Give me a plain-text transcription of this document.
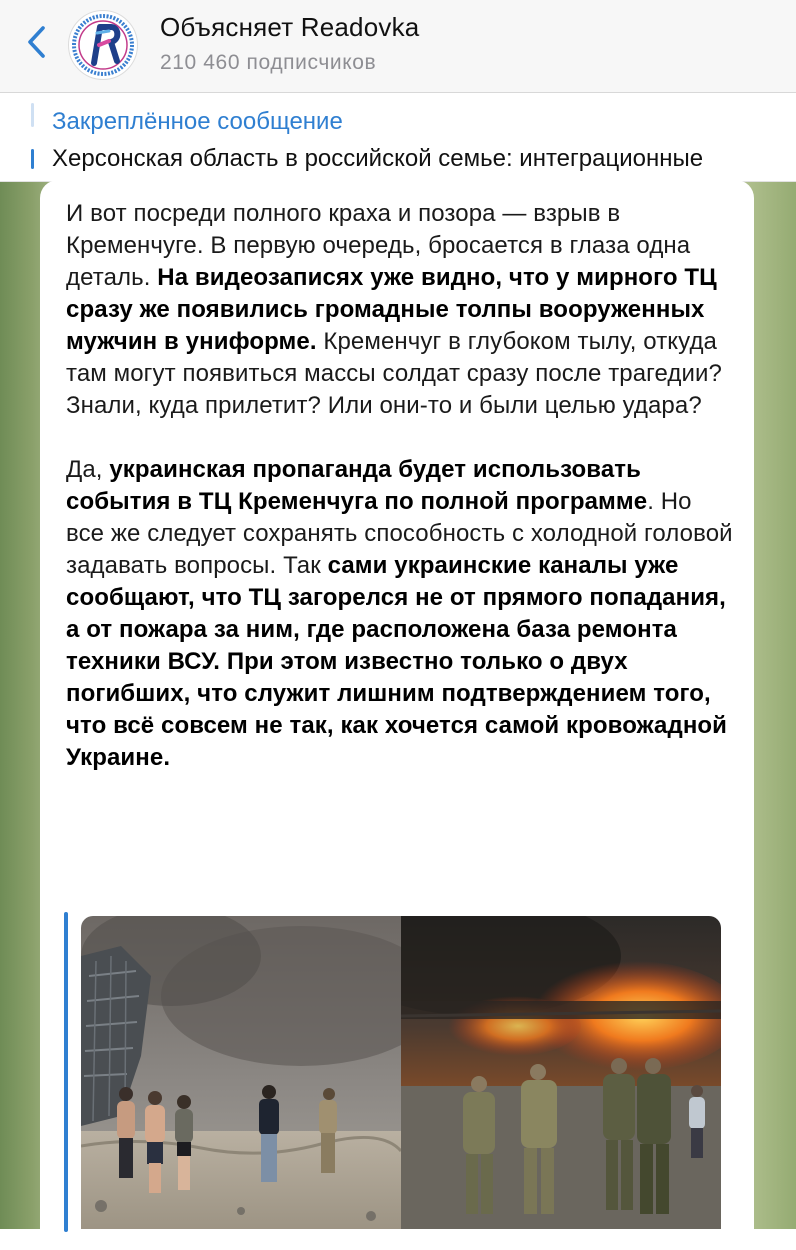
Объясняет Readovka
210 460 подписчиков
Закреплённое сообщение
Херсонская область в российской семье: интеграционные

И вот посреди полного краха и позора — взрыв в Кременчуге. В первую очередь, бросается в глаза одна деталь. На видеозаписях уже видно, что у мирного ТЦ сразу же появились громадные толпы вооруженных мужчин в униформе. Кременчуг в глубоком тылу, откуда там могут появиться массы солдат сразу после трагедии? Знали, куда прилетит? Или они-то и были целью удара?

Да, украинская пропаганда будет использовать события в ТЦ Кременчуга по полной программе. Но все же следует сохранять способность с холодной головой задавать вопросы. Так сами украинские каналы уже сообщают, что ТЦ загорелся не от прямого попадания, а от пожара за ним, где расположена база ремонта техники ВСУ. При этом известно только о двух погибших, что служит лишним подтверждением того, что всё совсем не так, как хочется самой кровожадной Украине.
